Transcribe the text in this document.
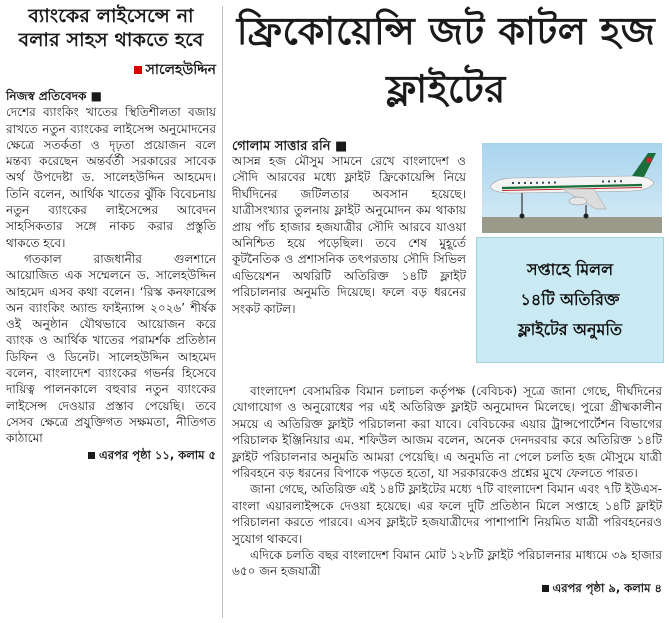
ব্যাংকের লাইসেন্সে না বলার সাহস থাকতে হবে
সালেহউদ্দিন
নিজস্ব প্রতিবেদক ■
দেশের ব্যাংকিং খাতের স্থিতিশীলতা বজায় রাখতে নতুন ব্যাংকের লাইসেন্স অনুমোদনের ক্ষেত্রে সতর্কতা ও দৃঢ়তা প্রয়োজন বলে মন্তব্য করেছেন অন্তর্বর্তী সরকারের সাবেক অর্থ উপদেষ্টা ড. সালেহউদ্দিন আহমেদ। তিনি বলেন, আর্থিক খাতের ঝুঁকি বিবেচনায় নতুন ব্যাংকের লাইসেন্সের আবেদন সাহসিকতার সঙ্গে নাকচ করার প্রস্তুতি থাকতে হবে।
গতকাল রাজধানীর গুলশানে আয়োজিত এক সম্মেলনে ড. সালেহউদ্দিন আহমেদ এসব কথা বলেন। ‘রিস্ক কনফারেন্স অন ব্যাংকিং অ্যান্ড ফাইন্যান্স ২০২৬’ শীর্ষক ওই অনুষ্ঠান যৌথভাবে আয়োজন করে ব্যাংক ও আর্থিক খাতের পরামর্শক প্রতিষ্ঠান ডিফিন ও ডিনেট। সালেহউদ্দিন আহমেদ বলেন, বাংলাদেশ ব্যাংকের গভর্নর হিসেবে দায়িত্ব পালনকালে বহুবার নতুন ব্যাংকের লাইসেন্স দেওয়ার প্রস্তাব পেয়েছি। তবে সেসব ক্ষেত্রে প্রযুক্তিগত সক্ষমতা, নীতিগত কাঠামো
এরপর পৃষ্ঠা ১১, কলাম ৫
ফ্রিকোয়েন্সি জট কাটল হজ ফ্লাইটের
গোলাম সাত্তার রনি ■
আসন্ন হজ মৌসুম সামনে রেখে বাংলাদেশ ও সৌদি আরবের মধ্যে ফ্লাইট ফ্রিকোয়েন্সি নিয়ে দীর্ঘদিনের জটিলতার অবসান হয়েছে। যাত্রীসংখ্যার তুলনায় ফ্লাইট অনুমোদন কম থাকায় প্রায় পাঁচ হাজার হজযাত্রীর সৌদি আরবে যাওয়া অনিশ্চিত হয়ে পড়েছিল। তবে শেষ মুহূর্তে কূটনৈতিক ও প্রশাসনিক তৎপরতায় সৌদি সিভিল এভিয়েশন অথরিটি অতিরিক্ত ১৪টি ফ্লাইট পরিচালনার অনুমতি দিয়েছে। ফলে বড় ধরনের সংকট কাটল।
সপ্তাহে মিলল
১৪টি অতিরিক্ত
ফ্লাইটের অনুমতি
বাংলাদেশ বেসামরিক বিমান চলাচল কর্তৃপক্ষ (বেবিচক) সূত্রে জানা গেছে, দীর্ঘদিনের যোগাযোগ ও অনুরোধের পর এই অতিরিক্ত ফ্লাইট অনুমোদন মিলেছে। পুরো গ্রীষ্মকালীন সময়ে এ অতিরিক্ত ফ্লাইট পরিচালনা করা যাবে। বেবিচকের এয়ার ট্রান্সপোর্টেশন বিভাগের পরিচালক ইঞ্জিনিয়ার এম. শফিউল আজম বলেন, অনেক দেনদরবার করে অতিরিক্ত ১৪টি ফ্লাইট পরিচালনার অনুমতি আমরা পেয়েছি। এ অনুমতি না পেলে চলতি হজ মৌসুমে যাত্রী পরিবহনে বড় ধরনের বিপাকে পড়তে হতো, যা সরকারকেও প্রশ্নের মুখে ফেলতে পারত।
জানা গেছে, অতিরিক্ত এই ১৪টি ফ্লাইটের মধ্যে ৭টি বাংলাদেশ বিমান এবং ৭টি ইউএস-বাংলা এয়ারলাইন্সকে দেওয়া হয়েছে। এর ফলে দুটি প্রতিষ্ঠান মিলে সপ্তাহে ১৪টি ফ্লাইট পরিচালনা করতে পারবে। এসব ফ্লাইটে হজযাত্রীদের পাশাপাশি নিয়মিত যাত্রী পরিবহনেরও সুযোগ থাকবে।
এদিকে চলতি বছর বাংলাদেশ বিমান মোট ১২৮টি ফ্লাইট পরিচালনার মাধ্যমে ৩৯ হাজার ৬৫০ জন হজযাত্রী
এরপর পৃষ্ঠা ৯, কলাম ৪
